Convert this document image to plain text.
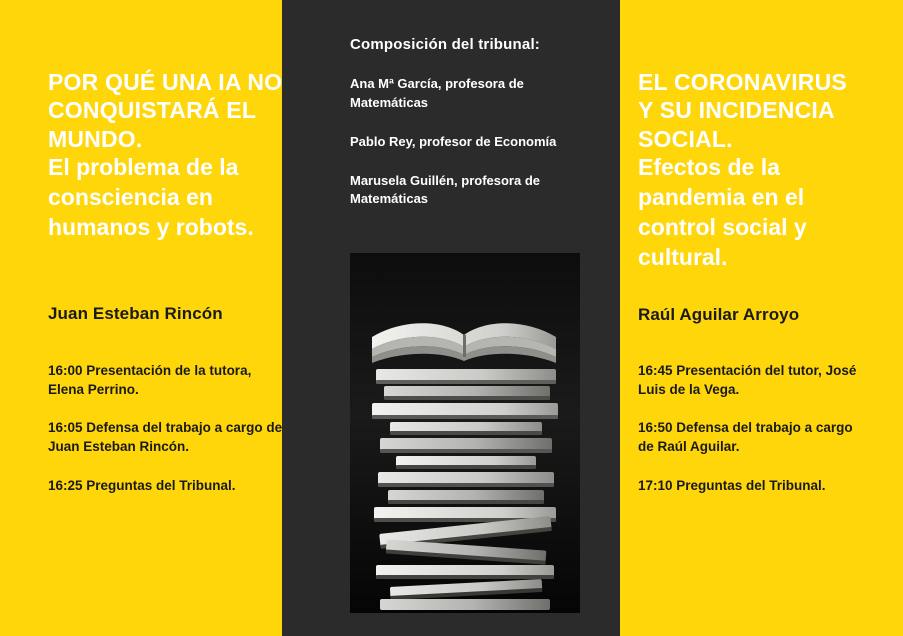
POR QUÉ UNA IA NO CONQUISTARÁ EL MUNDO.

El problema de la consciencia en humanos y robots.

Juan Esteban Rincón

16:00 Presentación de la tutora, Elena Perrino.

16:05 Defensa del trabajo a cargo de Juan Esteban Rincón.

16:25 Preguntas del Tribunal.

Composición del tribunal:

Ana Mª García, profesora de Matemáticas

Pablo Rey, profesor de Economía

Marusela Guillén, profesora de Matemáticas

EL CORONAVIRUS Y SU INCIDENCIA SOCIAL.

Efectos de la pandemia en el control social y cultural.

Raúl Aguilar Arroyo

16:45 Presentación del tutor, José Luis de la Vega.

16:50 Defensa del trabajo a cargo de Raúl Aguilar.

17:10 Preguntas del Tribunal.
